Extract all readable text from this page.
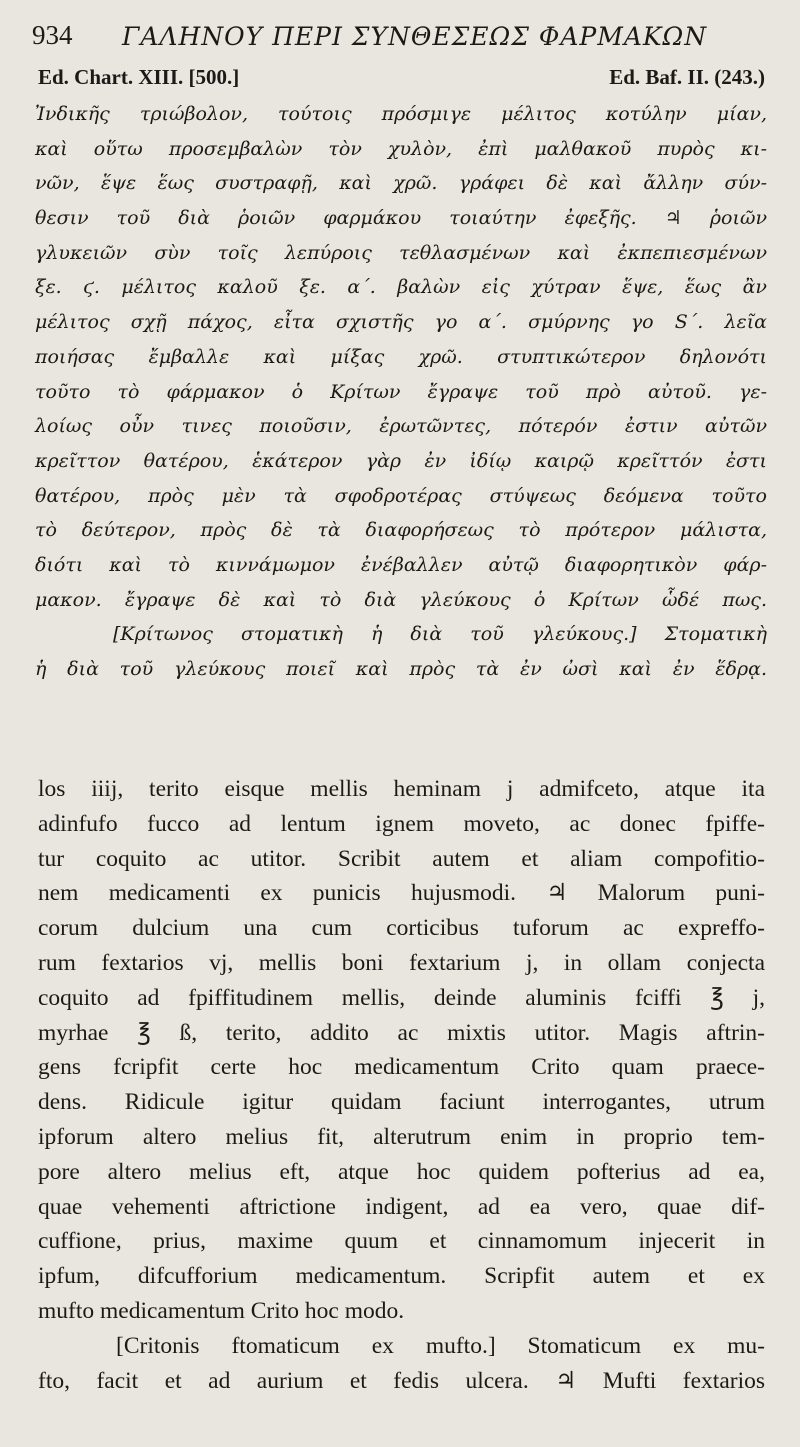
934 ΓΑΛΗΝΟΥ ΠΕΡΙ ΣΥΝΘΕΣΕΩΣ ΦΑΡΜΑΚΩΝ
Ed. Chart. XIII. [500.]	Ed. Baf. II. (243.)
Ἰνδικῆς τριώβολον, τούτοις πρόσμιγε μέλιτος κοτύλην μίαν,
καὶ οὕτω προσεμβαλὼν τὸν χυλὸν, ἐπὶ μαλθακοῦ πυρὸς κι-
νῶν, ἕψε ἕως συστραφῇ, καὶ χρῶ. γράφει δὲ καὶ ἄλλην σύν-
θεσιν τοῦ διὰ ῥοιῶν φαρμάκου τοιαύτην ἐφεξῆς. ♃ ῥοιῶν
γλυκειῶν σὺν τοῖς λεπύροις τεθλασμένων καὶ ἐκπεπιεσμένων
ξε. ϛ. μέλιτος καλοῦ ξε. α΄. βαλὼν εἰς χύτραν ἕψε, ἕως ἂν
μέλιτος σχῇ πάχος, εἶτα σχιστῆς γο α΄. σμύρνης γο S΄. λεῖα
ποιήσας ἔμβαλλε καὶ μίξας χρῶ. στυπτικώτερον δηλονότι
τοῦτο τὸ φάρμακον ὁ Κρίτων ἔγραψε τοῦ πρὸ αὐτοῦ. γε-
λοίως οὖν τινες ποιοῦσιν, ἐρωτῶντες, πότερόν ἐστιν αὐτῶν
κρεῖττον θατέρου, ἑκάτερον γὰρ ἐν ἰδίῳ καιρῷ κρεῖττόν ἐστι
θατέρου, πρὸς μὲν τὰ σφοδροτέρας στύψεως δεόμενα τοῦτο
τὸ δεύτερον, πρὸς δὲ τὰ διαφορήσεως τὸ πρότερον μάλιστα,
διότι καὶ τὸ κιννάμωμον ἐνέβαλλεν αὐτῷ διαφορητικὸν φάρ-
μακον. ἔγραψε δὲ καὶ τὸ διὰ γλεύκους ὁ Κρίτων ὧδέ πως.
[Κρίτωνος στοματικὴ ἡ διὰ τοῦ γλεύκους.] Στοματικὴ
ἡ διὰ τοῦ γλεύκους ποιεῖ καὶ πρὸς τὰ ἐν ὠσὶ καὶ ἐν ἕδρᾳ.
los iiij, terito eisque mellis heminam j admifceto, atque ita
adinfufo fucco ad lentum ignem moveto, ac donec fpiffe-
tur coquito ac utitor. Scribit autem et aliam compofitio-
nem medicamenti ex punicis hujusmodi. ♃ Malorum puni-
corum dulcium una cum corticibus tuforum ac expreffo-
rum fextarios vj, mellis boni fextarium j, in ollam conjecta
coquito ad fpiffitudinem mellis, deinde aluminis fciffi ℥ j,
myrhae ℥ ß, terito, addito ac mixtis utitor. Magis aftrin-
gens fcripfit certe hoc medicamentum Crito quam praece-
dens. Ridicule igitur quidam faciunt interrogantes, utrum
ipforum altero melius fit, alterutrum enim in proprio tem-
pore altero melius eft, atque hoc quidem pofterius ad ea,
quae vehementi aftrictione indigent, ad ea vero, quae dif-
cuffione, prius, maxime quum et cinnamomum injecerit in
ipfum, difcufforium medicamentum. Scripfit autem et ex
mufto medicamentum Crito hoc modo.
[Critonis ftomaticum ex mufto.] Stomaticum ex mu-
fto, facit et ad aurium et fedis ulcera. ♃ Mufti fextarios
